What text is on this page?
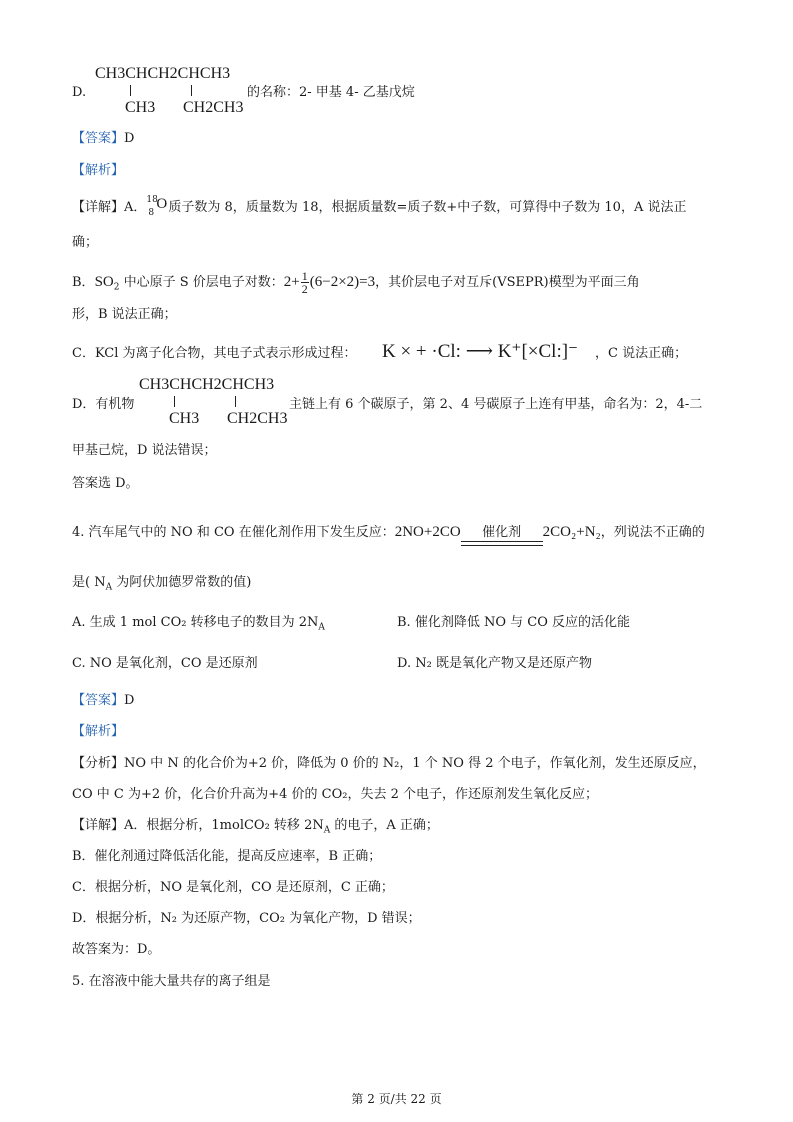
D.
CH3CHCH2CHCH3
CH3 CH2CH3
的名称：2- 甲基 4- 乙基戊烷
【答案】D
【解析】
【详解】A． 18
8
O 质子数为 8，质量数为 18，根据质量数=质子数+中子数，可算得中子数为 10，A 说法正
确；
B．$SO_2$ 中心原子 S 价层电子对数：$2+ \frac{1}{2} (6-2\times 2)=3$，其价层电子对互斥(VSEPR)模型为平面三角
形，B 说法正确；
C．KCl 为离子化合物，其电子式表示形成过程： K × + ·Cl: ⟶ K⁺[×Cl:]⁻ ，C 说法正确；
D．有机物
CH3CHCH2CHCH3
CH3 CH2CH3
主链上有 6 个碳原子，第 2、4 号碳原子上连有甲基，命名为：2，4-二
甲基己烷，D 说法错误；
答案选 D。
4. 汽车尾气中的 NO 和 CO 在催化剂作用下发生反应：2NO+2CO	催化剂	2CO₂+N₂，列说法不正确的
是( $N_A$ 为阿伏加德罗常数的值)
A. 生成 1 mol CO₂ 转移电子的数目为 $2N_A$	B. 催化剂降低 NO 与 CO 反应的活化能
C. NO 是氧化剂，CO 是还原剂	D. N₂ 既是氧化产物又是还原产物
【答案】D
【解析】
【分析】NO 中 N 的化合价为+2 价，降低为 0 价的 N₂，1 个 NO 得 2 个电子，作氧化剂，发生还原反应，
CO 中 C 为+2 价，化合价升高为+4 价的 CO₂，失去 2 个电子，作还原剂发生氧化反应；
【详解】A．根据分析，1molCO₂ 转移 $2N_A$ 的电子，A 正确；
B．催化剂通过降低活化能，提高反应速率，B 正确；
C．根据分析，NO 是氧化剂，CO 是还原剂，C 正确；
D．根据分析，N₂ 为还原产物，CO₂ 为氧化产物，D 错误；
故答案为：D。
5. 在溶液中能大量共存的离子组是
第 2 页/共 22 页
